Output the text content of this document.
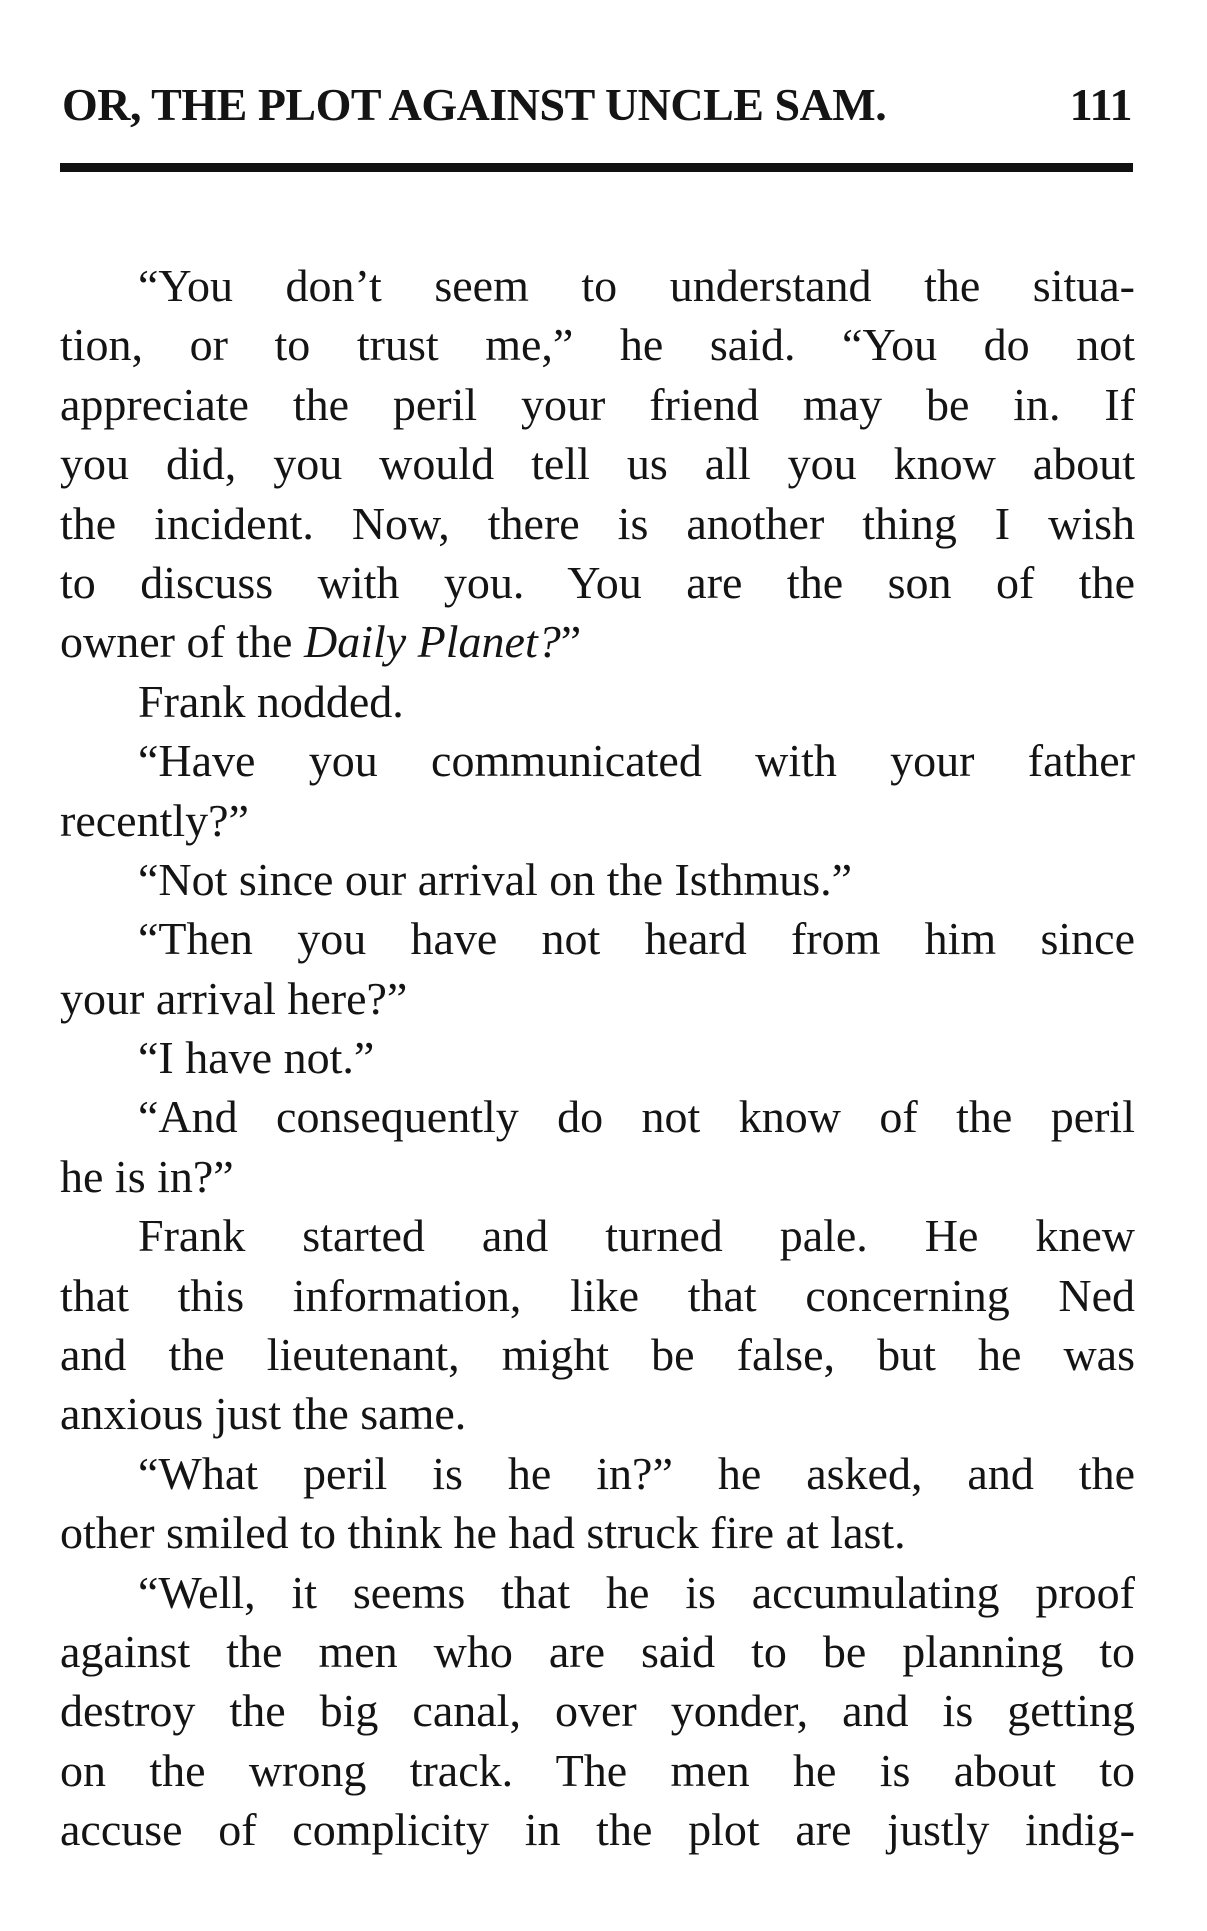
OR, THE PLOT AGAINST UNCLE SAM.	111
“You don’t seem to understand the situa-
tion, or to trust me,” he said. “You do not
appreciate the peril your friend may be in. If
you did, you would tell us all you know about
the incident. Now, there is another thing I wish
to discuss with you. You are the son of the
owner of the Daily Planet?”
Frank nodded.
“Have you communicated with your father
recently?”
“Not since our arrival on the Isthmus.”
“Then you have not heard from him since
your arrival here?”
“I have not.”
“And consequently do not know of the peril
he is in?”
Frank started and turned pale. He knew
that this information, like that concerning Ned
and the lieutenant, might be false, but he was
anxious just the same.
“What peril is he in?” he asked, and the
other smiled to think he had struck fire at last.
“Well, it seems that he is accumulating proof
against the men who are said to be planning to
destroy the big canal, over yonder, and is getting
on the wrong track. The men he is about to
accuse of complicity in the plot are justly indig-
